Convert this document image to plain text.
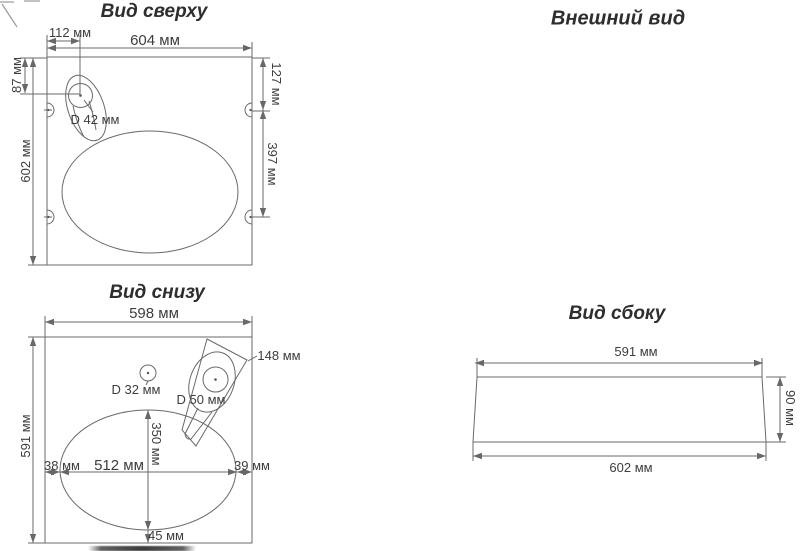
Вид сверху	Внешний вид
Вид снизу
Вид сбоку
112 мм	604 мм
87 мм
602 мм
127 мм
397 мм
D 42 мм
598 мм
591 мм
148 мм
D 32 мм
D 50 мм
38 мм 512 мм	39 мм
350 мм
45 мм
591 мм
602 мм
90 мм
